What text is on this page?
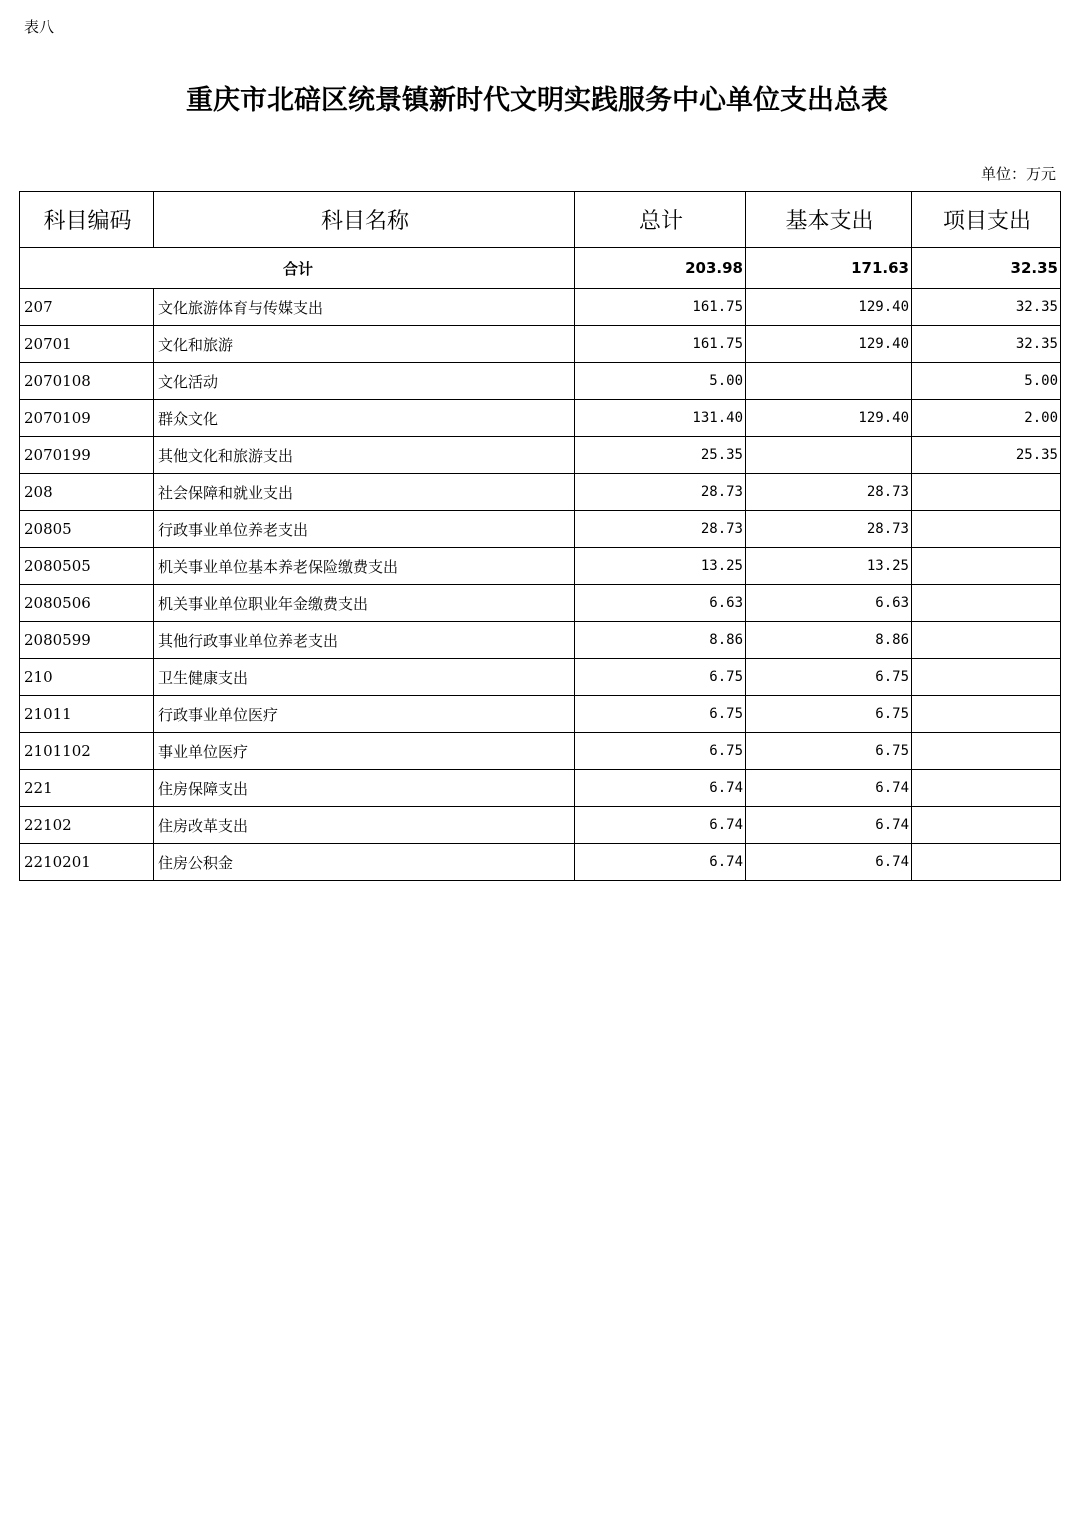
表八
重庆市北碚区统景镇新时代文明实践服务中心单位支出总表
单位：万元
科目编码	科目名称	总计	基本支出	项目支出
合计		203.98	171.63	32.35
207	文化旅游体育与传媒支出	161.75	129.40	32.35
20701	文化和旅游	161.75	129.40	32.35
2070108	文化活动	5.00		5.00
2070109	群众文化	131.40	129.40	2.00
2070199	其他文化和旅游支出	25.35		25.35
208	社会保障和就业支出	28.73	28.73	
20805	行政事业单位养老支出	28.73	28.73	
2080505	机关事业单位基本养老保险缴费支出	13.25	13.25	
2080506	机关事业单位职业年金缴费支出	6.63	6.63	
2080599	其他行政事业单位养老支出	8.86	8.86	
210	卫生健康支出	6.75	6.75	
21011	行政事业单位医疗	6.75	6.75	
2101102	事业单位医疗	6.75	6.75	
221	住房保障支出	6.74	6.74	
22102	住房改革支出	6.74	6.74	
2210201	住房公积金	6.74	6.74	
